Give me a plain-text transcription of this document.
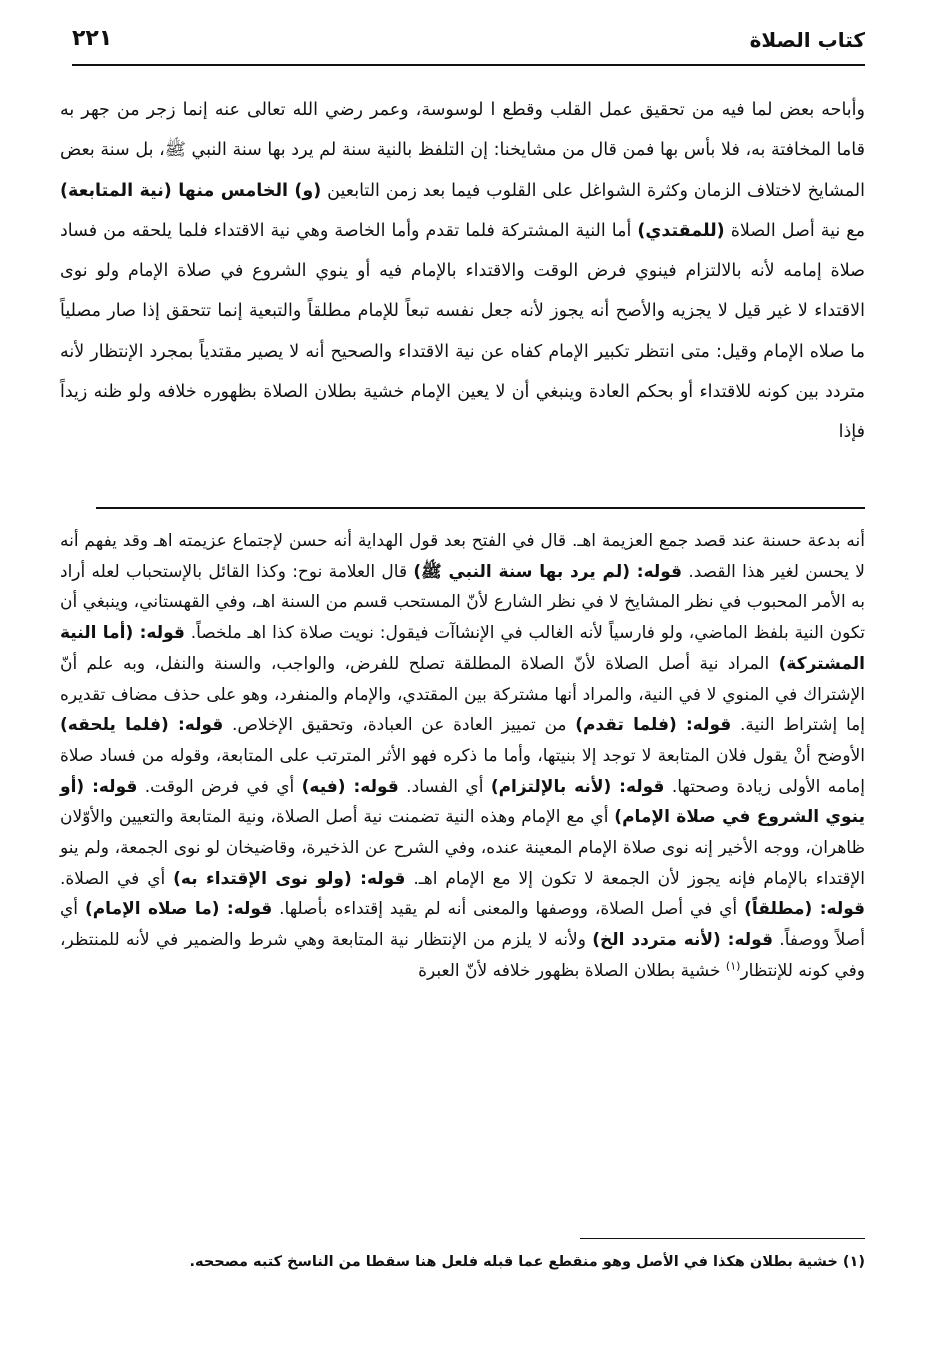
كتاب الصلاة
٢٢١

وأباحه بعض لما فيه من تحقيق عمل القلب وقطع ا لوسوسة، وعمر رضي الله تعالى عنه إنما زجر من جهر به قاما المخافتة به، فلا بأس بها فمن قال من مشايخنا: إن التلفظ بالنية سنة لم يرد بها سنة النبي ﷺ، بل سنة بعض المشايخ لاختلاف الزمان وكثرة الشواغل على القلوب فيما بعد زمن التابعين (و) الخامس منها (نية المتابعة) مع نية أصل الصلاة (للمقتدي) أما النية المشتركة فلما تقدم وأما الخاصة وهي نية الاقتداء فلما يلحقه من فساد صلاة إمامه لأنه بالالتزام فينوي فرض الوقت والاقتداء بالإمام فيه أو ينوي الشروع في صلاة الإمام ولو نوى الاقتداء لا غير قيل لا يجزيه والأصح أنه يجوز لأنه جعل نفسه تبعاً للإمام مطلقاً والتبعية إنما تتحقق إذا صار مصلياً ما صلاه الإمام وقيل: متى انتظر تكبير الإمام كفاه عن نية الاقتداء والصحيح أنه لا يصير مقتدياً بمجرد الإنتظار لأنه متردد بين كونه للاقتداء أو بحكم العادة وينبغي أن لا يعين الإمام خشية بطلان الصلاة بظهوره خلافه ولو ظنه زيداً فإذا

أنه بدعة حسنة عند قصد جمع العزيمة اهـ. قال في الفتح بعد قول الهداية أنه حسن لإجتماع عزيمته اهـ وقد يفهم أنه لا يحسن لغير هذا القصد. قوله: (لم يرد بها سنة النبي ﷺ) قال العلامة نوح: وكذا القائل بالإستحباب لعله أراد به الأمر المحبوب في نظر المشايخ لا في نظر الشارع لأنّ المستحب قسم من السنة اهـ، وفي القهستاني، وينبغي أن تكون النية بلفظ الماضي، ولو فارسياً لأنه الغالب في الإنشاآت فيقول: نويت صلاة كذا اهـ ملخصاً. قوله: (أما النية المشتركة) المراد نية أصل الصلاة لأنّ الصلاة المطلقة تصلح للفرض، والواجب، والسنة والنفل، وبه علم أنّ الإشتراك في المنوي لا في النية، والمراد أنها مشتركة بين المقتدي، والإمام والمنفرد، وهو على حذف مضاف تقديره إما إشتراط النية. قوله: (فلما تقدم) من تمييز العادة عن العبادة، وتحقيق الإخلاص. قوله: (فلما يلحقه) الأوضح أنْ يقول فلان المتابعة لا توجد إلا بنيتها، وأما ما ذكره فهو الأثر المترتب على المتابعة، وقوله من فساد صلاة إمامه الأولى زيادة وصحتها. قوله: (لأنه بالإلتزام) أي الفساد. قوله: (فيه) أي في فرض الوقت. قوله: (أو ينوي الشروع في صلاة الإمام) أي مع الإمام وهذه النية تضمنت نية أصل الصلاة، ونية المتابعة والتعيين والأوّلان ظاهران، ووجه الأخير إنه نوى صلاة الإمام المعينة عنده، وفي الشرح عن الذخيرة، وقاضيخان لو نوى الجمعة، ولم ينو الإقتداء بالإمام فإنه يجوز لأن الجمعة لا تكون إلا مع الإمام اهـ. قوله: (ولو نوى الإقتداء به) أي في الصلاة. قوله: (مطلقاً) أي في أصل الصلاة، ووصفها والمعنى أنه لم يقيد إقتداءه بأصلها. قوله: (ما صلاه الإمام) أي أصلاً ووصفاً. قوله: (لأنه متردد الخ) ولأنه لا يلزم من الإنتظار نية المتابعة وهي شرط والضمير في لأنه للمنتظر، وفي كونه للإنتظار$^{(١)}$ خشية بطلان الصلاة بظهور خلافه لأنّ العبرة

(١) خشية بطلان هكذا في الأصل وهو منقطع عما قبله فلعل هنا سقطا من الناسخ كتبه مصححه.
